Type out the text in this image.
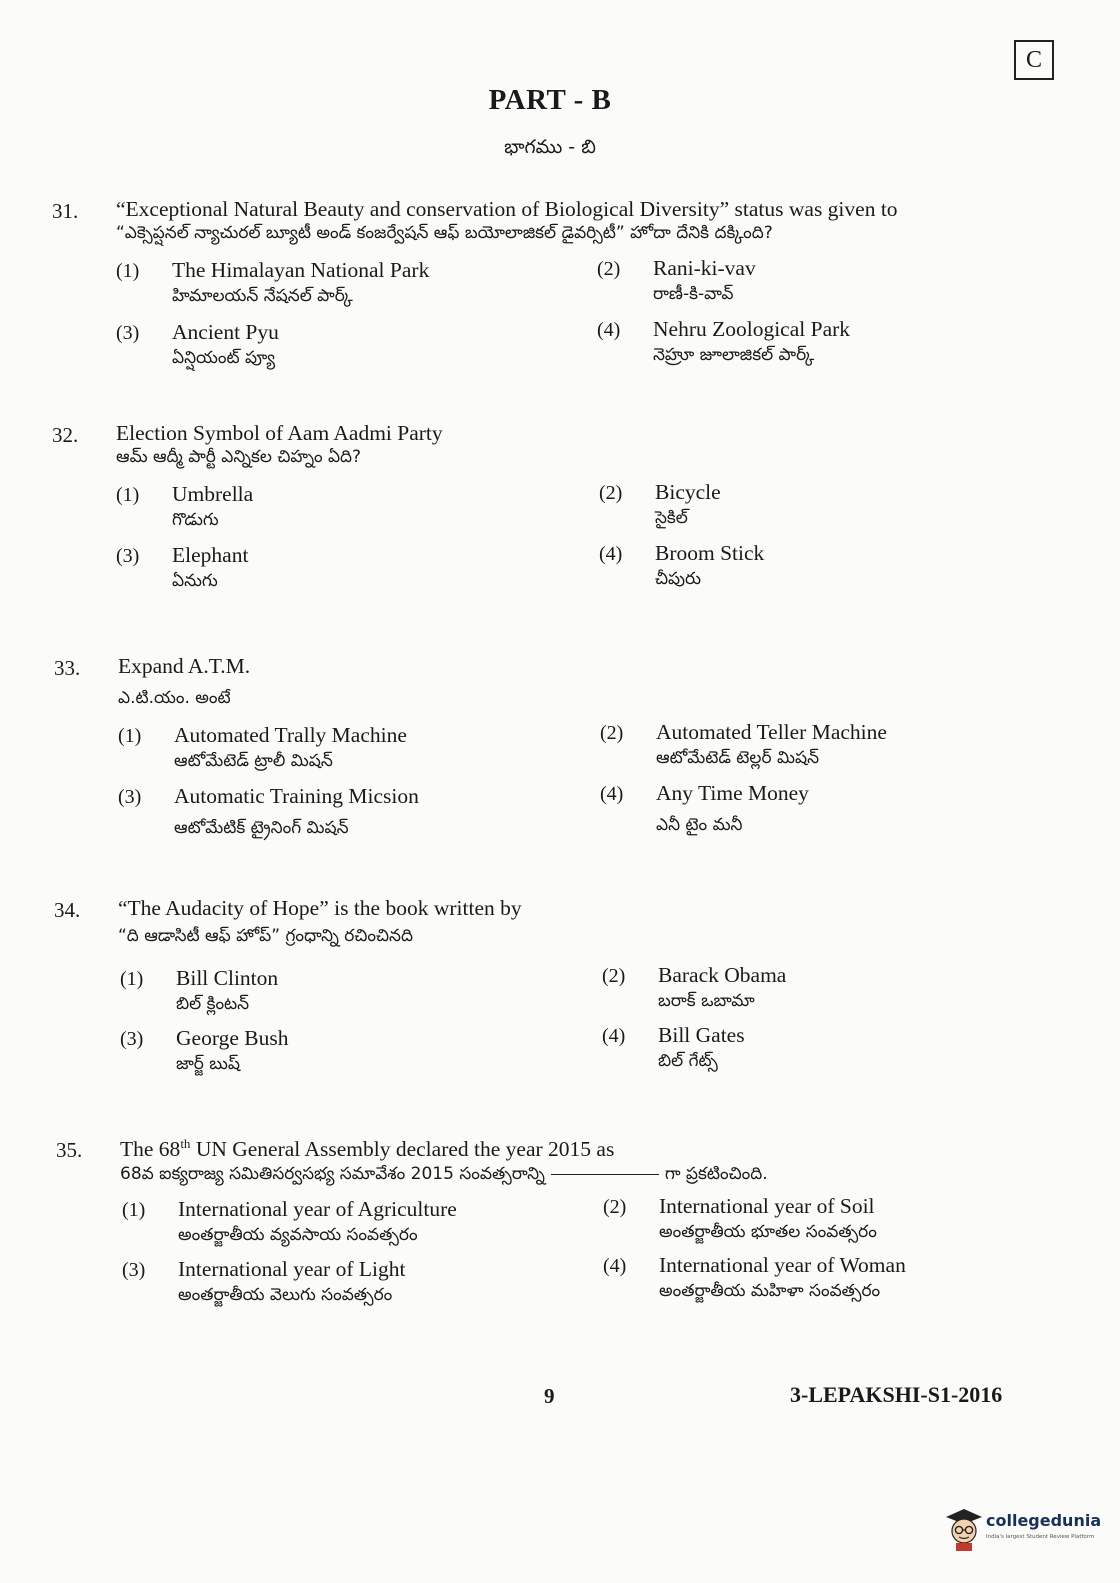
C
PART - B
భాగము - బి
31. “Exceptional Natural Beauty and conservation of Biological Diversity” status was given to
“ఎక్సెప్షనల్ న్యాచురల్ బ్యూటీ అండ్ కంజర్వేషన్ ఆఫ్ బయోలాజికల్ డైవర్సిటీ” హోదా దేనికి దక్కింది?
(1) The Himalayan National Park
హిమాలయన్ నేషనల్ పార్క్
(2) Rani-ki-vav
రాణీ-కి-వావ్
(3) Ancient Pyu
ఏన్షియంట్ ప్యూ
(4) Nehru Zoological Park
నెహ్రూ జూలాజికల్ పార్క్
32. Election Symbol of Aam Aadmi Party
ఆమ్ ఆద్మీ పార్టీ ఎన్నికల చిహ్నం ఏది?
(1) Umbrella
గొడుగు
(2) Bicycle
సైకిల్
(3) Elephant
ఏనుగు
(4) Broom Stick
చీపురు
33. Expand A.T.M.
ఎ.టి.యం. అంటే
(1) Automated Trally Machine
ఆటోమేటెడ్ ట్రాలీ మిషన్
(2) Automated Teller Machine
ఆటోమేటెడ్ టెల్లర్ మిషన్
(3) Automatic Training Micsion
ఆటోమేటిక్ ట్రైనింగ్ మిషన్
(4) Any Time Money
ఎనీ టైం మనీ
34. “The Audacity of Hope” is the book written by
“ది ఆడాసిటీ ఆఫ్ హోప్” గ్రంధాన్ని రచించినది
(1) Bill Clinton
బిల్ క్లింటన్
(2) Barack Obama
బరాక్ ఒబామా
(3) George Bush
జార్జ్ బుష్
(4) Bill Gates
బిల్ గేట్స్
35. The 68th UN General Assembly declared the year 2015 as
68వ ఐక్యరాజ్య సమితిసర్వసభ్య సమావేశం 2015 సంవత్సరాన్ని	గా ప్రకటించింది.
(1) International year of Agriculture
అంతర్జాతీయ వ్యవసాయ సంవత్సరం
(2) International year of Soil
అంతర్జాతీయ భూతల సంవత్సరం
(3) International year of Light
అంతర్జాతీయ వెలుగు సంవత్సరం
(4) International year of Woman
అంతర్జాతీయ మహిళా సంవత్సరం
9	3-LEPAKSHI-S1-2016
collegedunia
India's largest Student Review Platform
